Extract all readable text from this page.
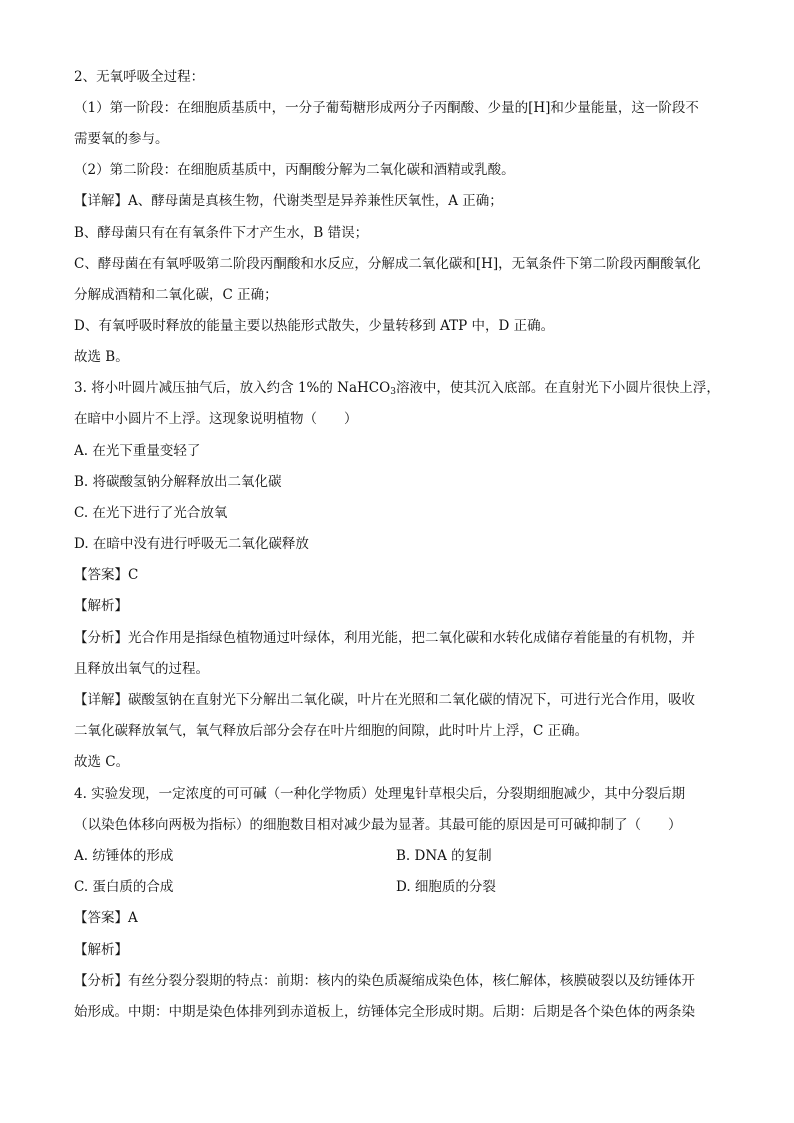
2、无氧呼吸全过程：
（1）第一阶段：在细胞质基质中，一分子葡萄糖形成两分子丙酮酸、少量的[H]和少量能量，这一阶段不
需要氧的参与。
（2）第二阶段：在细胞质基质中，丙酮酸分解为二氧化碳和酒精或乳酸。
【详解】A、酵母菌是真核生物，代谢类型是异养兼性厌氧性，A 正确；
B、酵母菌只有在有氧条件下才产生水，B 错误；
C、酵母菌在有氧呼吸第二阶段丙酮酸和水反应，分解成二氧化碳和[H]，无氧条件下第二阶段丙酮酸氧化
分解成酒精和二氧化碳，C 正确；
D、有氧呼吸时释放的能量主要以热能形式散失，少量转移到 ATP 中，D 正确。
故选 B。
3. 将小叶圆片减压抽气后，放入约含 1%的 NaHCO$_3$溶液中，使其沉入底部。在直射光下小圆片很快上浮，
在暗中小圆片不上浮。这现象说明植物（　　）
A. 在光下重量变轻了
B. 将碳酸氢钠分解释放出二氧化碳
C. 在光下进行了光合放氧
D. 在暗中没有进行呼吸无二氧化碳释放
【答案】C
【解析】
【分析】光合作用是指绿色植物通过叶绿体，利用光能，把二氧化碳和水转化成储存着能量的有机物，并
且释放出氧气的过程。
【详解】碳酸氢钠在直射光下分解出二氧化碳，叶片在光照和二氧化碳的情况下，可进行光合作用，吸收
二氧化碳释放氧气，氧气释放后部分会存在叶片细胞的间隙，此时叶片上浮，C 正确。
故选 C。
4. 实验发现，一定浓度的可可碱（一种化学物质）处理鬼针草根尖后，分裂期细胞减少，其中分裂后期
（以染色体移向两极为指标）的细胞数目相对减少最为显著。其最可能的原因是可可碱抑制了（　　）
A. 纺锤体的形成	B. DNA 的复制
C. 蛋白质的合成	D. 细胞质的分裂
【答案】A
【解析】
【分析】有丝分裂分裂期的特点：前期：核内的染色质凝缩成染色体，核仁解体，核膜破裂以及纺锤体开
始形成。中期：中期是染色体排列到赤道板上，纺锤体完全形成时期。后期：后期是各个染色体的两条染
